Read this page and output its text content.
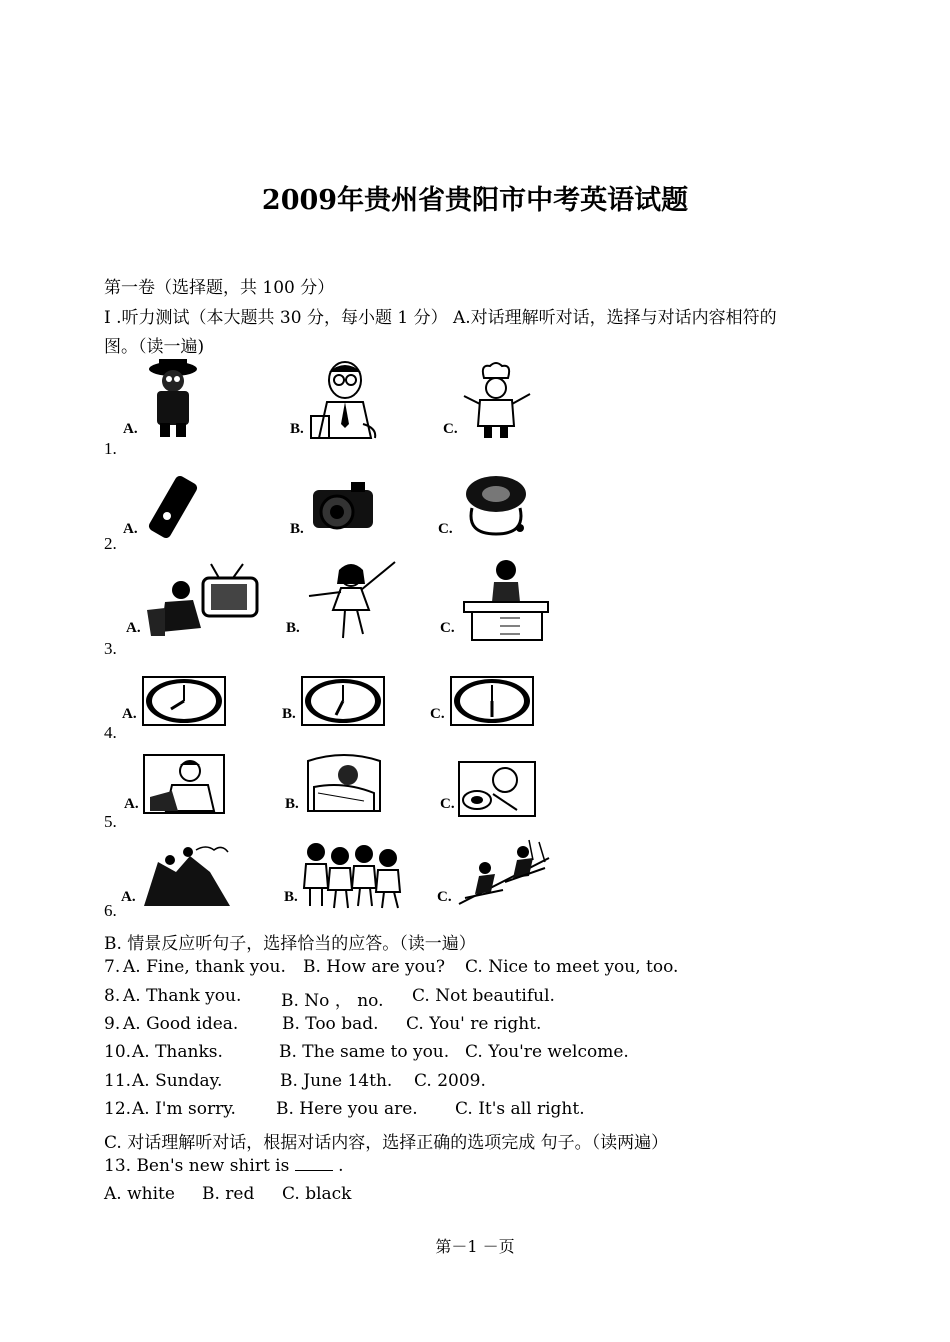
2009年贵州省贵阳市中考英语试题
第一卷（选择题，共 100 分）
I .听力测试（本大题共 30 分，每小题 1 分） A.对话理解听对话，选择与对话内容相符的
图。（读一遍)
1.
A.	B.	C.
2.
A.	B.	C.
3.
A.	B.	C.
4.
A.	B.	C.
5.
A.	B.	C.
6.
A.	B.	C.
B. 情景反应听句子，选择恰当的应答。（读一遍）
7. A. Fine, thank you. B. How are you? C. Nice to meet you, too.
8. A. Thank you. B. No ， no. C. Not beautiful.
9. A. Good idea.	B. Too bad. C. You' re right.
10. A. Thanks.	B. The same to you. C. You're welcome.
11. A. Sunday.	B. June 14th. C. 2009.
12. A. I'm sorry. B. Here you are. C. It's all right.
C. 对话理解听对话，根据对话内容，选择正确的选项完成 句子。（读两遍）
13. Ben's new shirt is	.
A. white B. red C. black
第－1 －页
